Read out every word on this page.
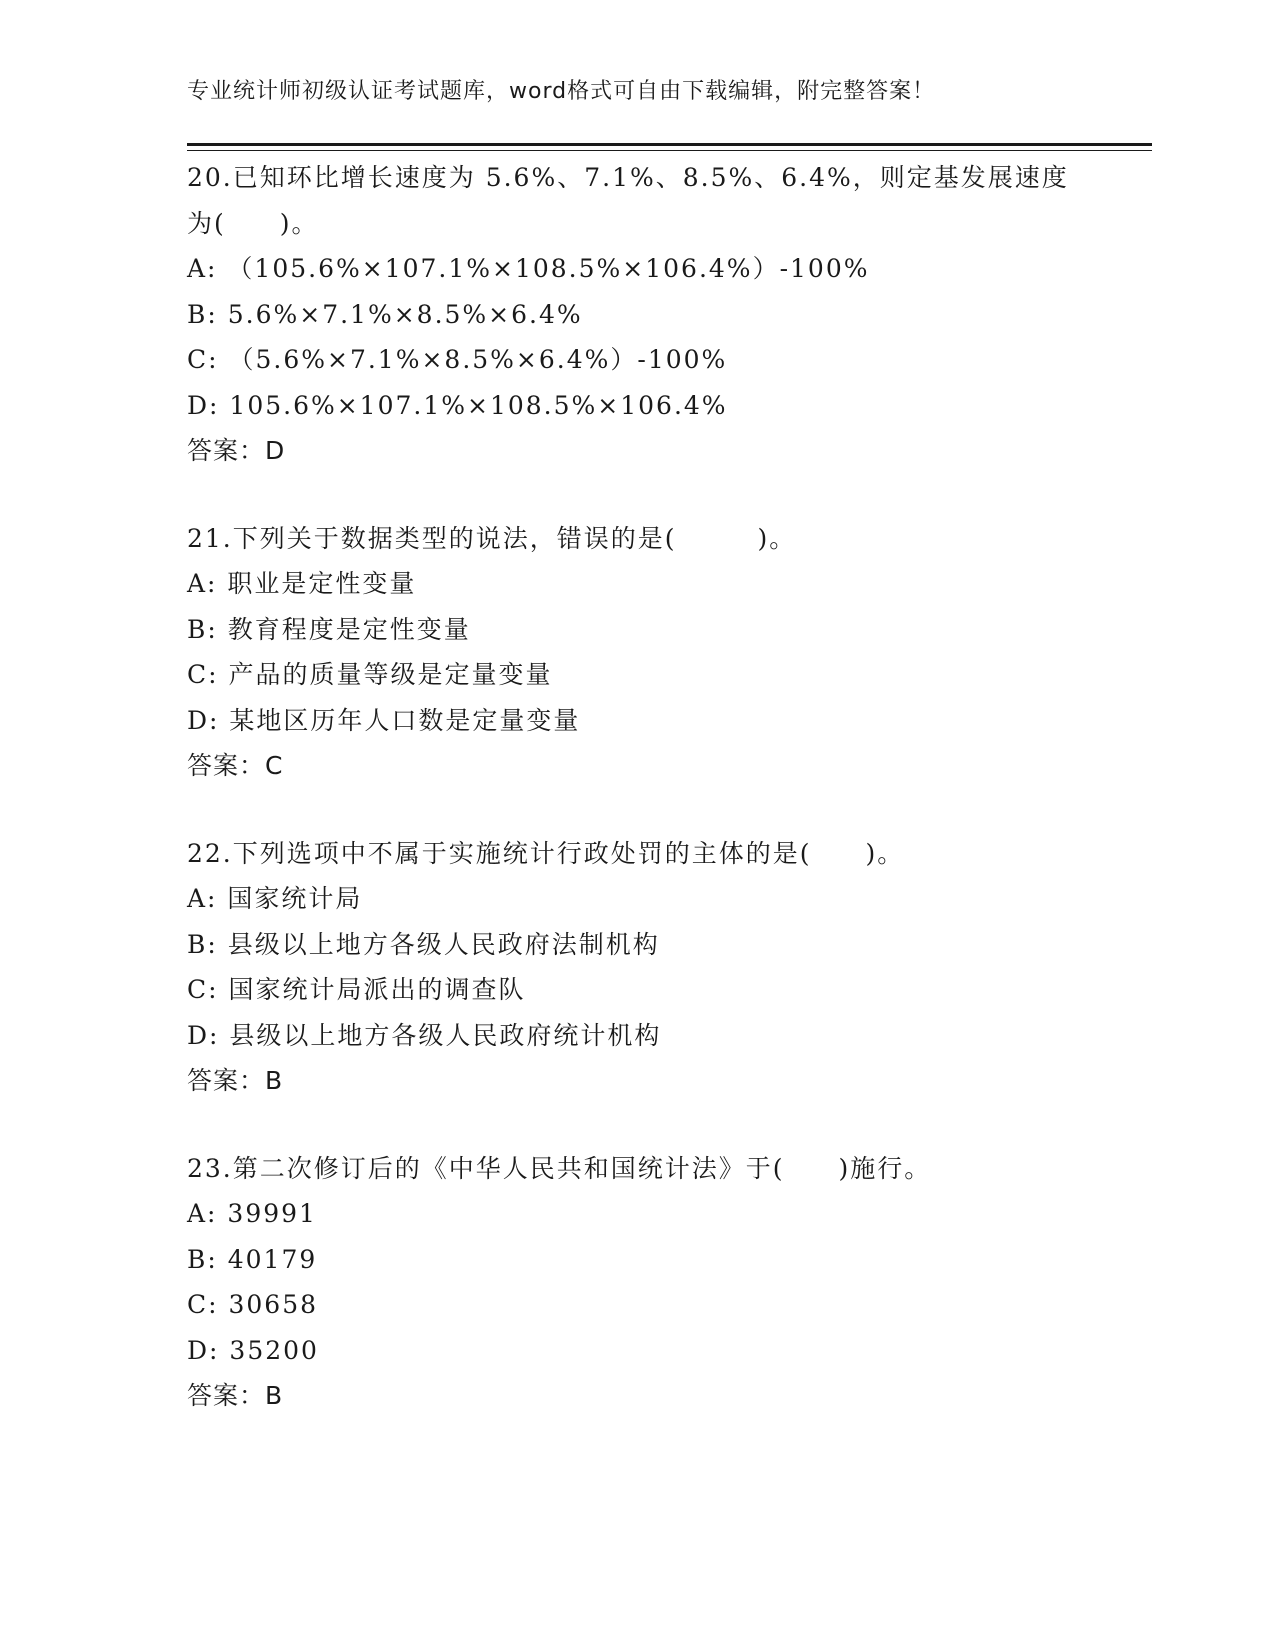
专业统计师初级认证考试题库，word格式可自由下载编辑，附完整答案！
20.已知环比增长速度为 5.6%、7.1%、8.5%、6.4%，则定基发展速度
为(　　)。
A: （105.6%×107.1%×108.5%×106.4%）-100%
B: 5.6%×7.1%×8.5%×6.4%
C: （5.6%×7.1%×8.5%×6.4%）-100%
D: 105.6%×107.1%×108.5%×106.4%
答案：D
21.下列关于数据类型的说法，错误的是(　　　)。
A: 职业是定性变量
B: 教育程度是定性变量
C: 产品的质量等级是定量变量
D: 某地区历年人口数是定量变量
答案：C
22.下列选项中不属于实施统计行政处罚的主体的是(　　)。
A: 国家统计局
B: 县级以上地方各级人民政府法制机构
C: 国家统计局派出的调查队
D: 县级以上地方各级人民政府统计机构
答案：B
23.第二次修订后的《中华人民共和国统计法》于(　　)施行。
A: 39991
B: 40179
C: 30658
D: 35200
答案：B
